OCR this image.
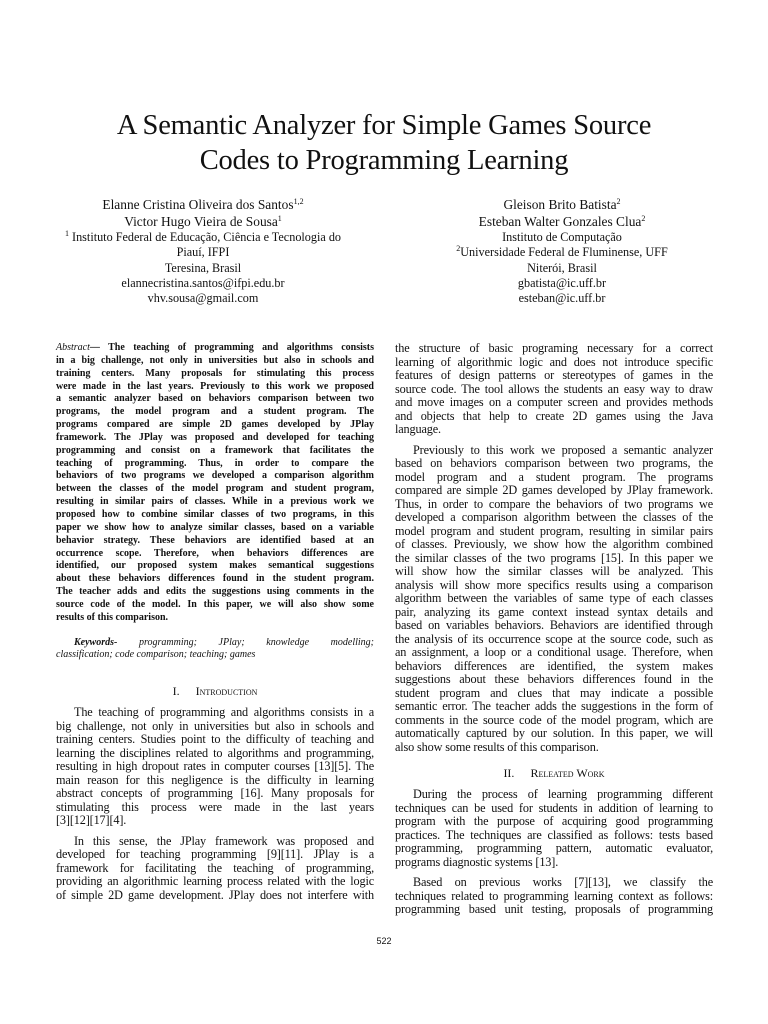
A Semantic Analyzer for Simple Games Source
Codes to Programming Learning
Elanne Cristina Oliveira dos Santos$^{1,2}$
Victor Hugo Vieira de Sousa$^1$
$^1$ Instituto Federal de Educação, Ciência e Tecnologia do
Piauí, IFPI
Teresina, Brasil
elannecristina.santos@ifpi.edu.br
vhv.sousa@gmail.com
Gleison Brito Batista$^2$
Esteban Walter Gonzales Clua$^2$
Instituto de Computação
$^2$Universidade Federal de Fluminense, UFF
Niterói, Brasil
gbatista@ic.uff.br
esteban@ic.uff.br
Abstract— The teaching of programming and algorithms consists
in a big challenge, not only in universities but also in schools and
training centers. Many proposals for stimulating this process
were made in the last years. Previously to this work we proposed
a semantic analyzer based on behaviors comparison between two
programs, the model program and a student program. The
programs compared are simple 2D games developed by JPlay
framework. The JPlay was proposed and developed for teaching
programming and consist on a framework that facilitates the
teaching of programming. Thus, in order to compare the
behaviors of two programs we developed a comparison algorithm
between the classes of the model program and student program,
resulting in similar pairs of classes. While in a previous work we
proposed how to combine similar classes of two programs, in this
paper we show how to analyze similar classes, based on a variable
behavior strategy. These behaviors are identified based at an
occurrence scope. Therefore, when behaviors differences are
identified, our proposed system makes semantical suggestions
about these behaviors differences found in the student program.
The teacher adds and edits the suggestions using comments in the
source code of the model. In this paper, we will also show some
results of this comparison.
Keywords- programming; JPlay; knowledge modelling;
classification; code comparison; teaching; games
I. Introduction
The teaching of programming and algorithms consists in a
big challenge, not only in universities but also in schools and
training centers. Studies point to the difficulty of teaching and
learning the disciplines related to algorithms and programming,
resulting in high dropout rates in computer courses [13][5]. The
main reason for this negligence is the difficulty in learning
abstract concepts of programming [16]. Many proposals for
stimulating this process were made in the last years
[3][12][17][4].
In this sense, the JPlay framework was proposed and
developed for teaching programming [9][11]. JPlay is a
framework for facilitating the teaching of programming,
providing an algorithmic learning process related with the logic
of simple 2D game development. JPlay does not interfere with
the structure of basic programing necessary for a correct
learning of algorithmic logic and does not introduce specific
features of design patterns or stereotypes of games in the
source code. The tool allows the students an easy way to draw
and move images on a computer screen and provides methods
and objects that help to create 2D games using the Java
language.
Previously to this work we proposed a semantic analyzer
based on behaviors comparison between two programs, the
model program and a student program. The programs
compared are simple 2D games developed by JPlay framework.
Thus, in order to compare the behaviors of two programs we
developed a comparison algorithm between the classes of the
model program and student program, resulting in similar pairs
of classes. Previously, we show how the algorithm combined
the similar classes of the two programs [15]. In this paper we
will show how the similar classes will be analyzed. This
analysis will show more specifics results using a comparison
algorithm between the variables of same type of each classes
pair, analyzing its game context instead syntax details and
based on variables behaviors. Behaviors are identified through
the analysis of its occurrence scope at the source code, such as
an assignment, a loop or a conditional usage. Therefore, when
behaviors differences are identified, the system makes
suggestions about these behaviors differences found in the
student program and clues that may indicate a possible
semantic error. The teacher adds the suggestions in the form of
comments in the source code of the model program, which are
automatically captured by our solution. In this paper, we will
also show some results of this comparison.
II. Releated Work
During the process of learning programming different
techniques can be used for students in addition of learning to
program with the purpose of acquiring good programming
practices. The techniques are classified as follows: tests based
programming, programming pattern, automatic evaluator,
programs diagnostic systems [13].
Based on previous works [7][13], we classify the
techniques related to programming learning context as follows:
programming based unit testing, proposals of programming
522
